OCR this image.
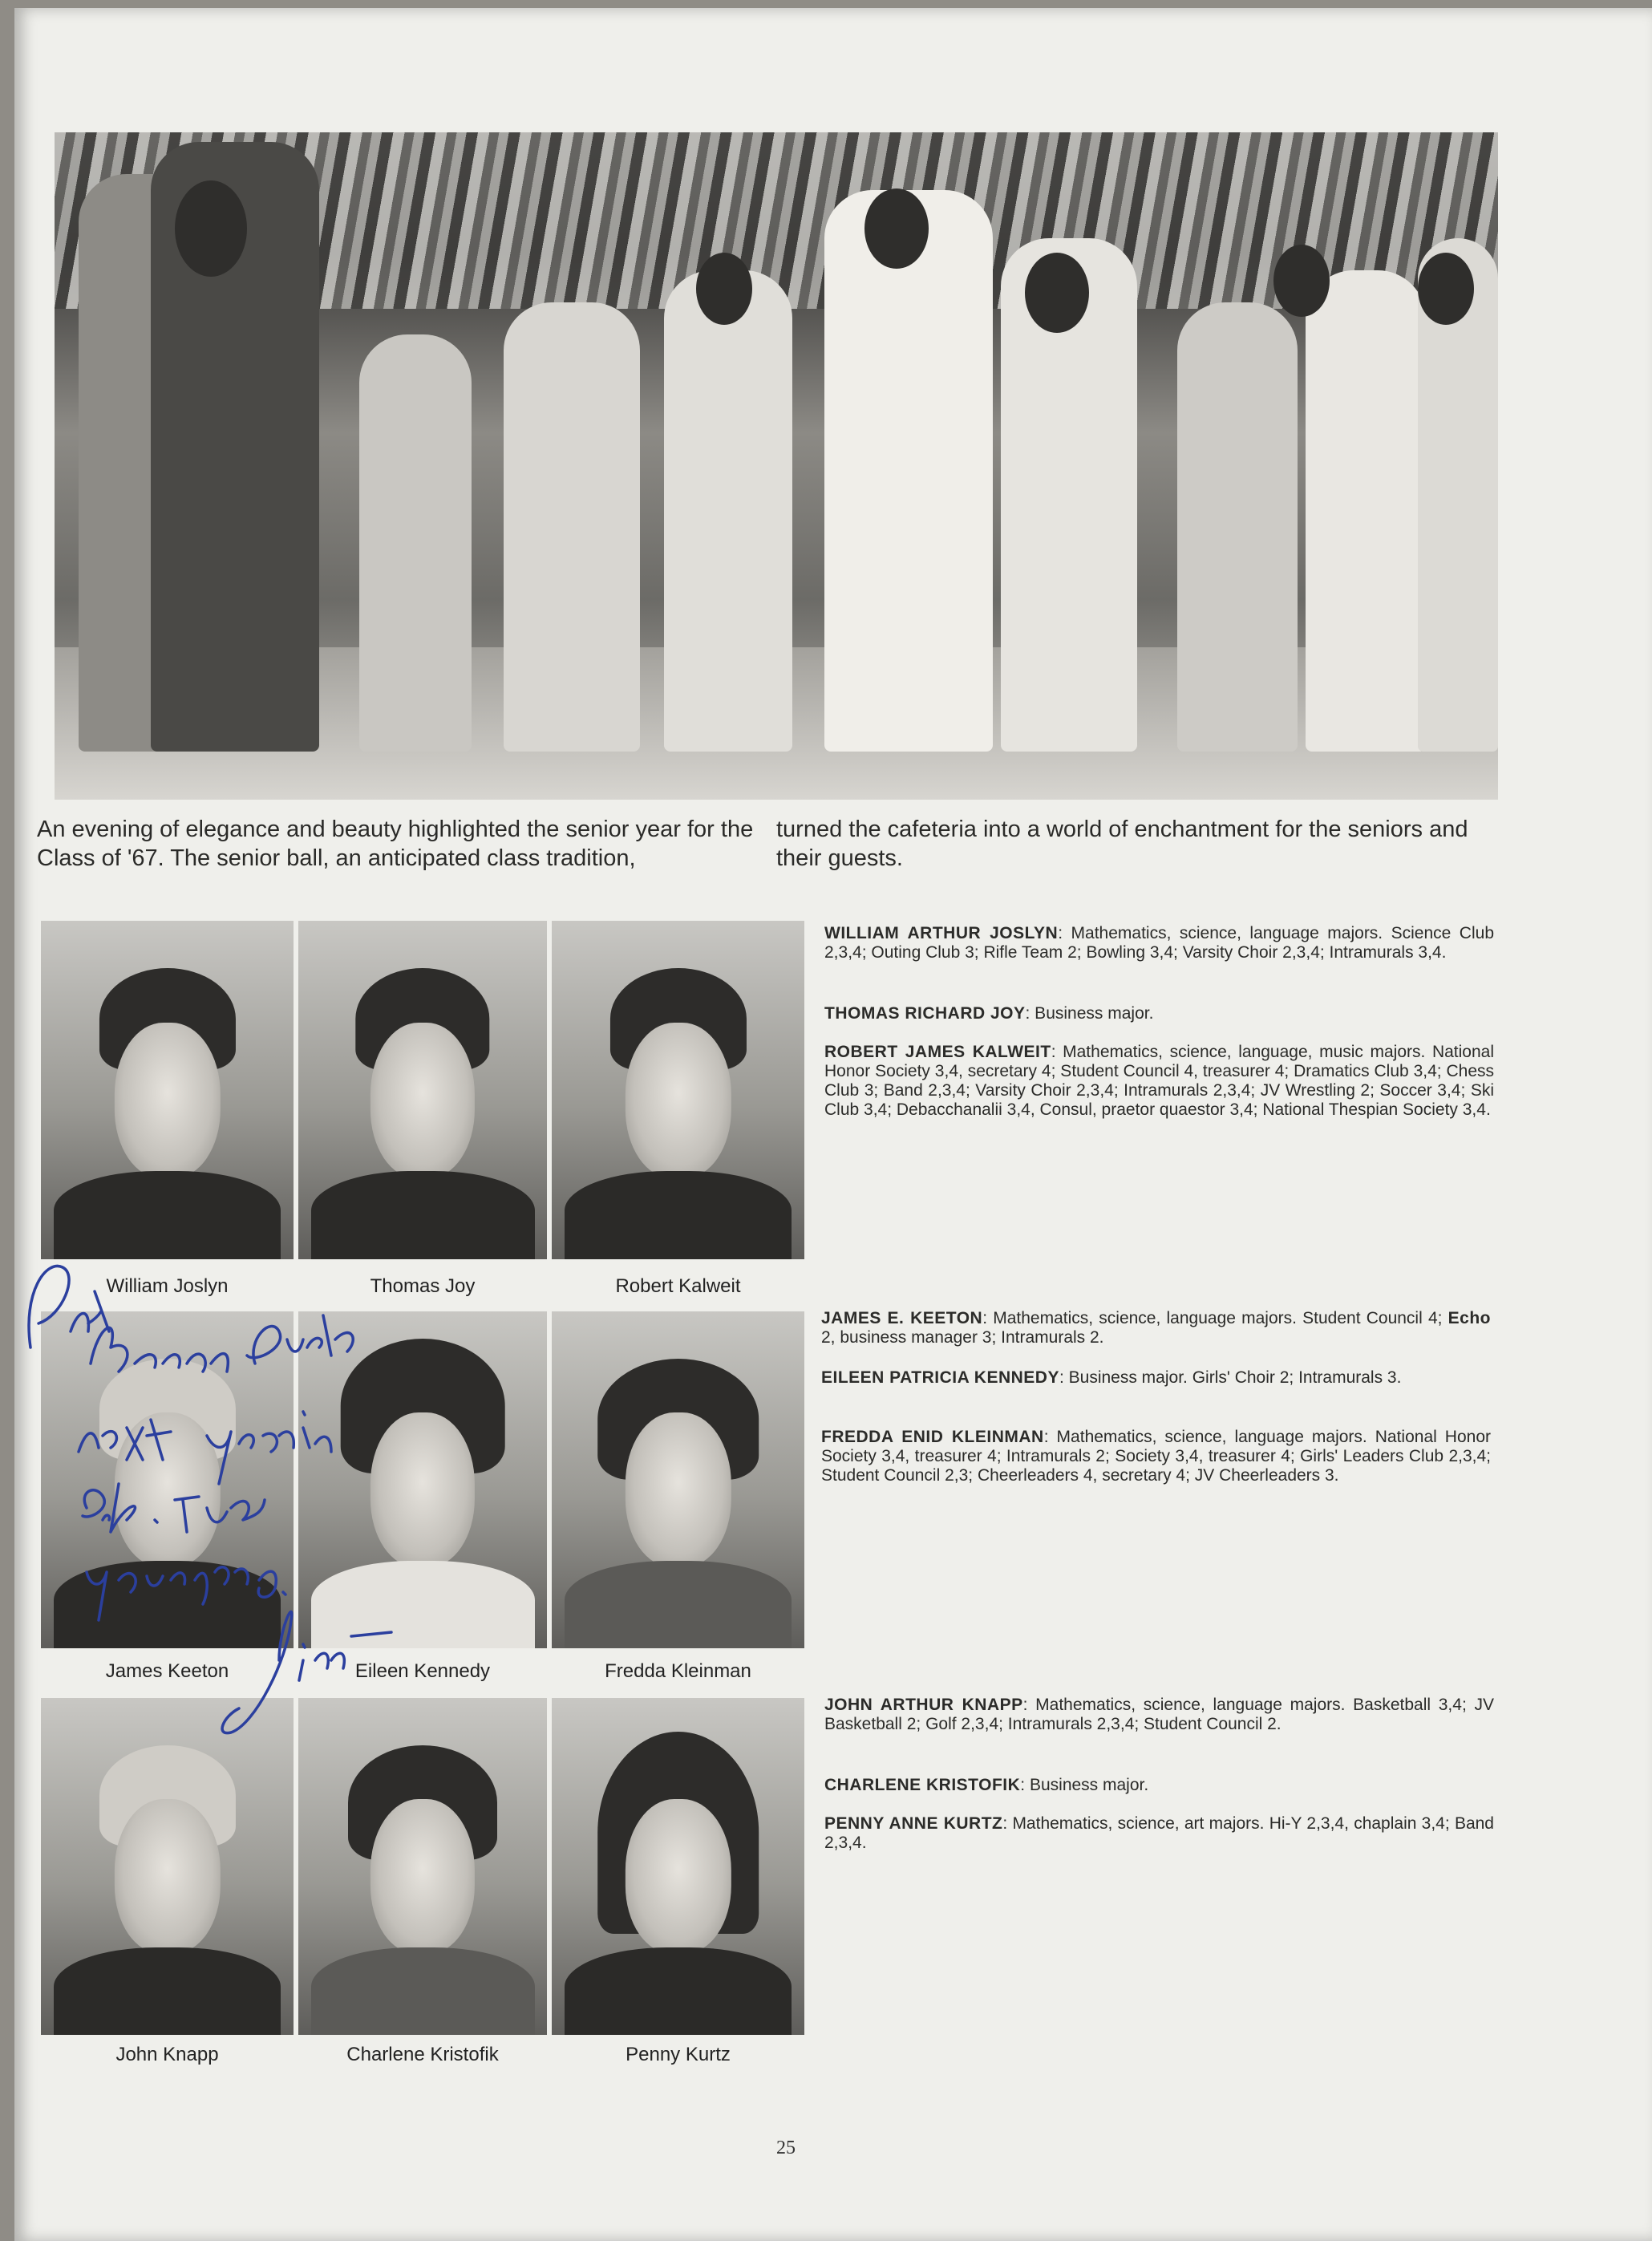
An evening of elegance and beauty highlighted the senior year for the Class of '67. The senior ball, an anticipated class tradition,
turned the cafeteria into a world of enchantment for the seniors and their guests.
William Joslyn	Thomas Joy	Robert Kalweit
James Keeton	Eileen Kennedy	Fredda Kleinman
John Knapp	Charlene Kristofik	Penny Kurtz
WILLIAM ARTHUR JOSLYN: Mathematics, science, language majors. Science Club 2,3,4; Outing Club 3; Rifle Team 2; Bowling 3,4; Varsity Choir 2,3,4; Intramurals 3,4.
THOMAS RICHARD JOY: Business major.
ROBERT JAMES KALWEIT: Mathematics, science, language, music majors. National Honor Society 3,4, secretary 4; Student Council 4, treasurer 4; Dramatics Club 3,4; Chess Club 3; Band 2,3,4; Varsity Choir 2,3,4; Intramurals 2,3,4; JV Wrestling 2; Soccer 3,4; Ski Club 3,4; Debacchanalii 3,4, Consul, praetor quaestor 3,4; National Thespian Society 3,4.
JAMES E. KEETON: Mathematics, science, language majors. Student Council 4; Echo 2, business manager 3; Intramurals 2.
EILEEN PATRICIA KENNEDY: Business major. Girls' Choir 2; Intramurals 3.
FREDDA ENID KLEINMAN: Mathematics, science, language majors. National Honor Society 3,4, treasurer 4; Intramurals 2; Society 3,4, treasurer 4; Girls' Leaders Club 2,3,4; Student Council 2,3; Cheerleaders 4, secretary 4; JV Cheerleaders 3.
JOHN ARTHUR KNAPP: Mathematics, science, language majors. Basketball 3,4; JV Basketball 2; Golf 2,3,4; Intramurals 2,3,4; Student Council 2.
CHARLENE KRISTOFIK: Business major.
PENNY ANNE KURTZ: Mathematics, science, art majors. Hi-Y 2,3,4, chaplain 3,4; Band 2,3,4.
25
